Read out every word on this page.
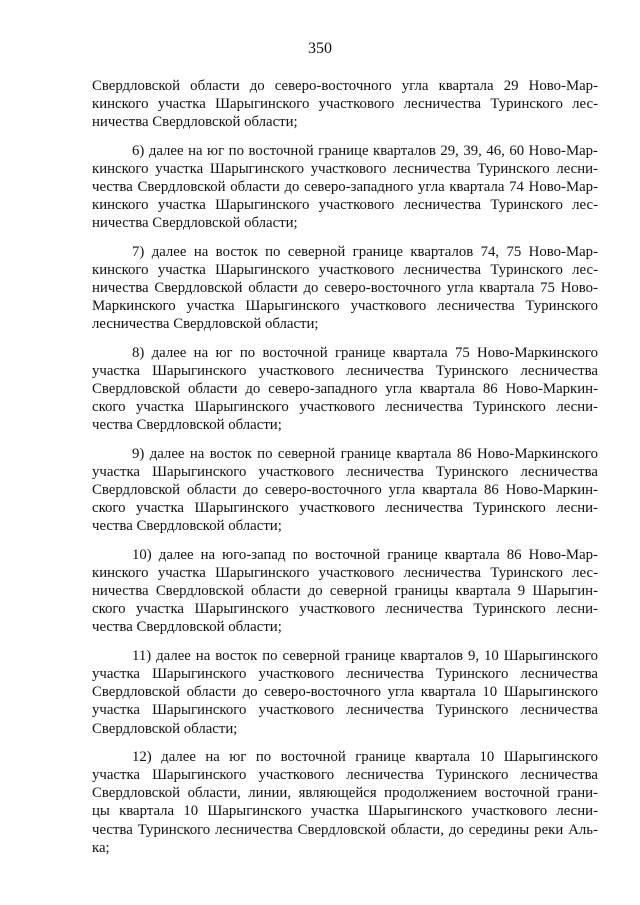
350

Свердловской области до северо-восточного угла квартала 29 Ново-Мар-
кинского участка Шарыгинского участкового лесничества Туринского лес-
ничества Свердловской области;

6) далее на юг по восточной границе кварталов 29, 39, 46, 60 Ново-Мар-
кинского участка Шарыгинского участкового лесничества Туринского лесни-
чества Свердловской области до северо-западного угла квартала 74 Ново-Мар-
кинского участка Шарыгинского участкового лесничества Туринского лес-
ничества Свердловской области;

7) далее на восток по северной границе кварталов 74, 75 Ново-Мар-
кинского участка Шарыгинского участкового лесничества Туринского лес-
ничества Свердловской области до северо-восточного угла квартала 75 Ново-
Маркинского участка Шарыгинского участкового лесничества Туринского
лесничества Свердловской области;

8) далее на юг по восточной границе квартала 75 Ново-Маркинского
участка Шарыгинского участкового лесничества Туринского лесничества
Свердловской области до северо-западного угла квартала 86 Ново-Маркин-
ского участка Шарыгинского участкового лесничества Туринского лесни-
чества Свердловской области;

9) далее на восток по северной границе квартала 86 Ново-Маркинского
участка Шарыгинского участкового лесничества Туринского лесничества
Свердловской области до северо-восточного угла квартала 86 Ново-Маркин-
ского участка Шарыгинского участкового лесничества Туринского лесни-
чества Свердловской области;

10) далее на юго-запад по восточной границе квартала 86 Ново-Мар-
кинского участка Шарыгинского участкового лесничества Туринского лес-
ничества Свердловской области до северной границы квартала 9 Шарыгин-
ского участка Шарыгинского участкового лесничества Туринского лесни-
чества Свердловской области;

11) далее на восток по северной границе кварталов 9, 10 Шарыгинского
участка Шарыгинского участкового лесничества Туринского лесничества
Свердловской области до северо-восточного угла квартала 10 Шарыгинского
участка Шарыгинского участкового лесничества Туринского лесничества
Свердловской области;

12) далее на юг по восточной границе квартала 10 Шарыгинского
участка Шарыгинского участкового лесничества Туринского лесничества
Свердловской области, линии, являющейся продолжением восточной грани-
цы квартала 10 Шарыгинского участка Шарыгинского участкового лесни-
чества Туринского лесничества Свердловской области, до середины реки Аль-
ка;
